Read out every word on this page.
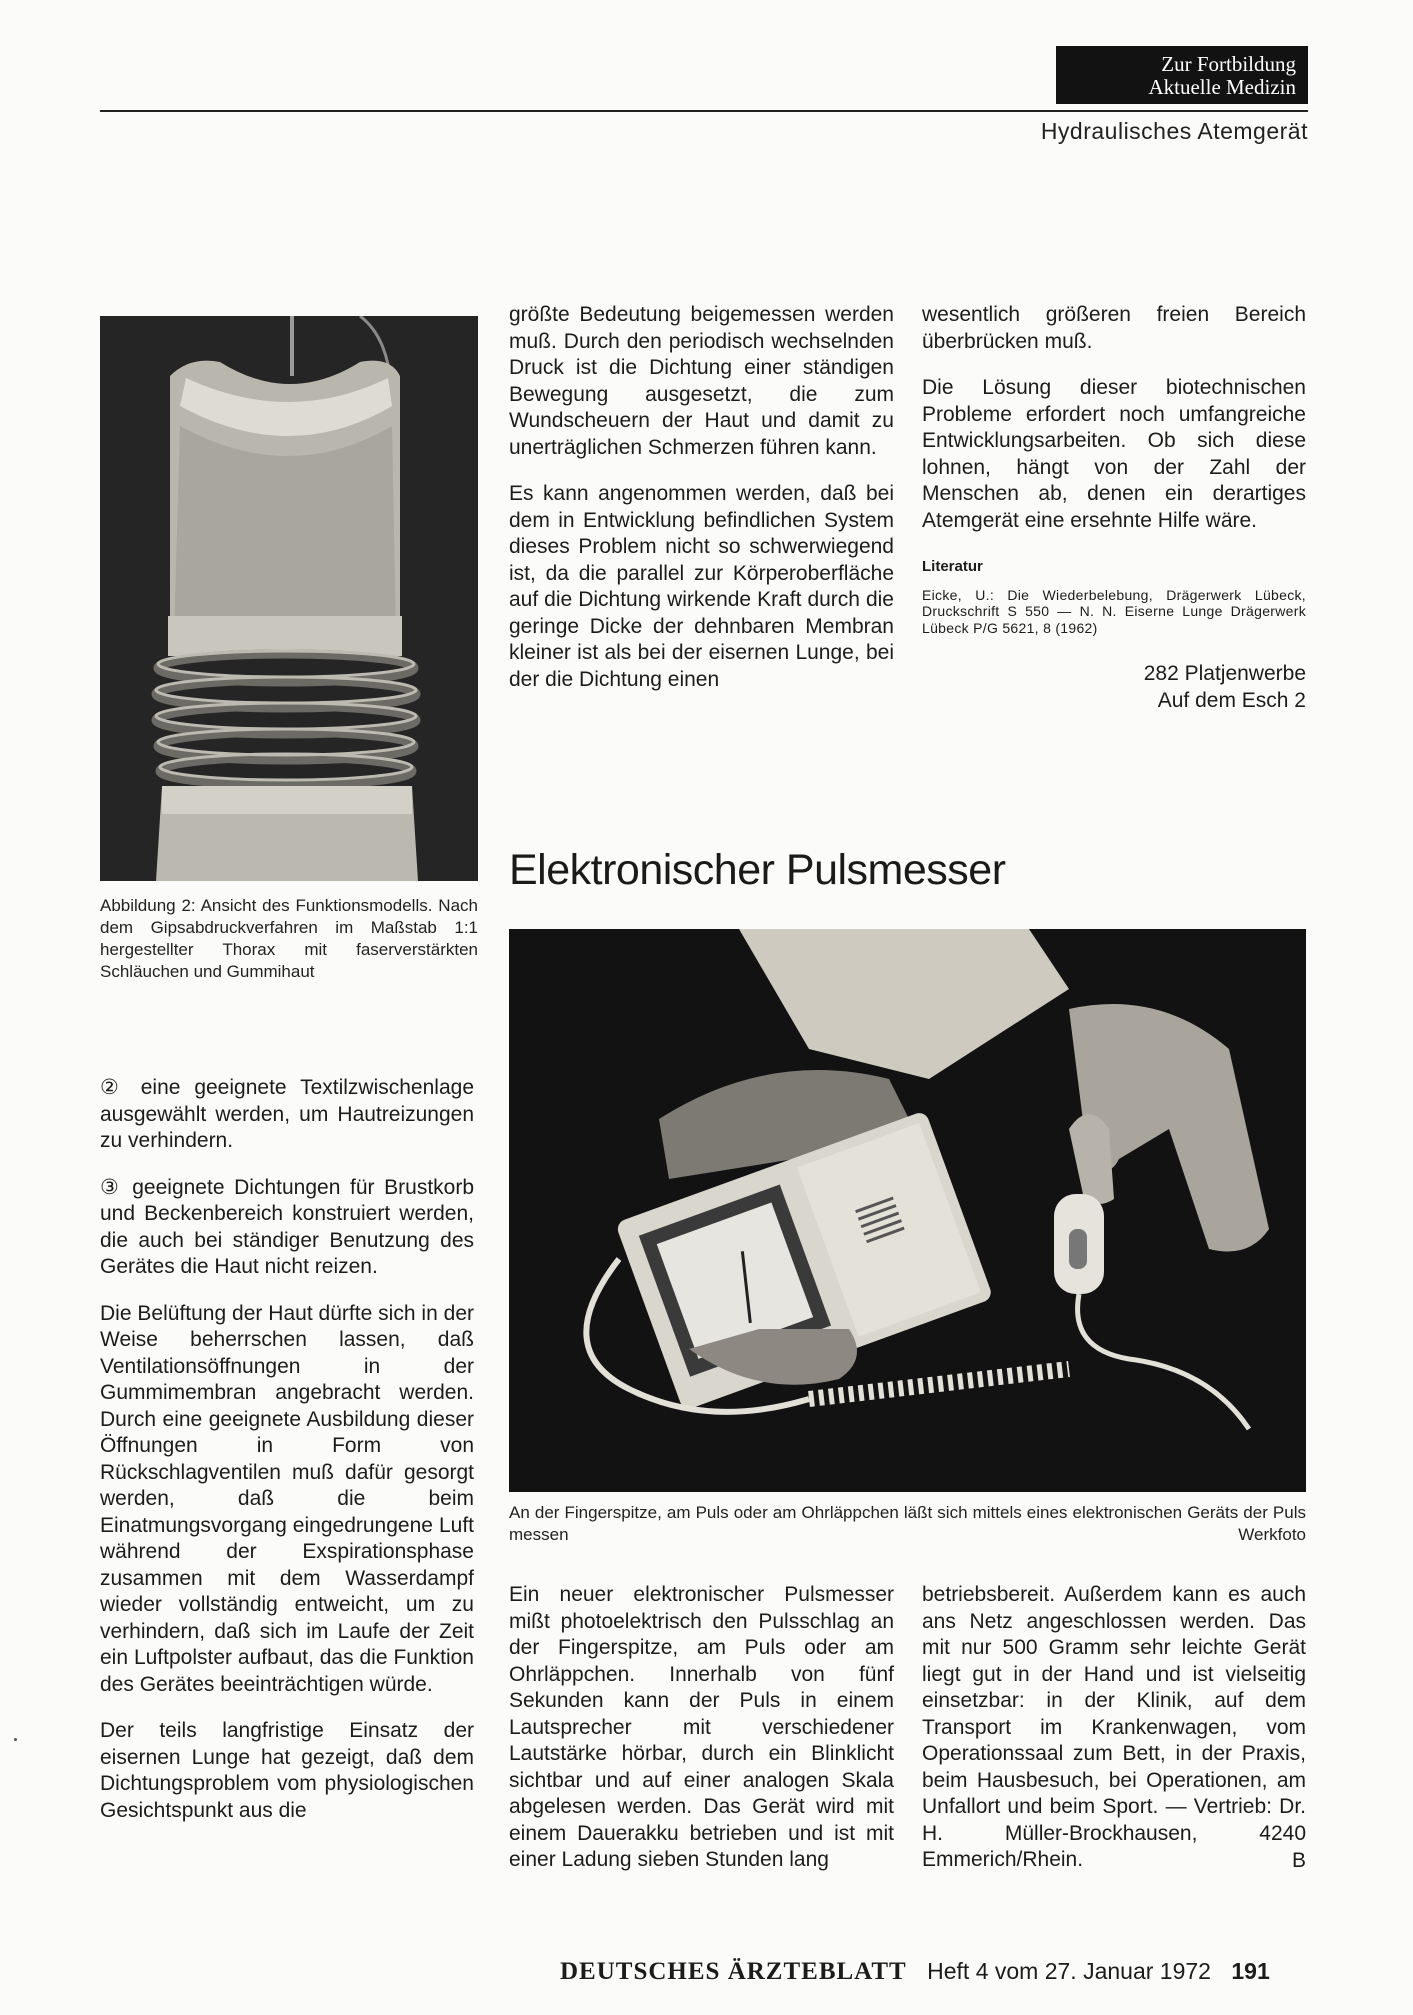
Zur Fortbildung
Aktuelle Medizin
Hydraulisches Atemgerät
Abbildung 2: Ansicht des Funktionsmodells. Nach dem Gipsabdruckverfahren im Maßstab 1:1 hergestellter Thorax mit faserverstärkten Schläuchen und Gummihaut

② eine geeignete Textilzwischenlage ausgewählt werden, um Hautreizungen zu verhindern.

③ geeignete Dichtungen für Brustkorb und Beckenbereich konstruiert werden, die auch bei ständiger Benutzung des Gerätes die Haut nicht reizen.

Die Belüftung der Haut dürfte sich in der Weise beherrschen lassen, daß Ventilationsöffnungen in der Gummimembran angebracht werden. Durch eine geeignete Ausbildung dieser Öffnungen in Form von Rückschlagventilen muß dafür gesorgt werden, daß die beim Einatmungsvorgang eingedrungene Luft während der Exspirationsphase zusammen mit dem Wasserdampf wieder vollständig entweicht, um zu verhindern, daß sich im Laufe der Zeit ein Luftpolster aufbaut, das die Funktion des Gerätes beeinträchtigen würde.

Der teils langfristige Einsatz der eisernen Lunge hat gezeigt, daß dem Dichtungsproblem vom physiologischen Gesichtspunkt aus die

größte Bedeutung beigemessen werden muß. Durch den periodisch wechselnden Druck ist die Dichtung einer ständigen Bewegung ausgesetzt, die zum Wundscheuern der Haut und damit zu unerträglichen Schmerzen führen kann.

Es kann angenommen werden, daß bei dem in Entwicklung befindlichen System dieses Problem nicht so schwerwiegend ist, da die parallel zur Körperoberfläche auf die Dichtung wirkende Kraft durch die geringe Dicke der dehnbaren Membran kleiner ist als bei der eisernen Lunge, bei der die Dichtung einen

wesentlich größeren freien Bereich überbrücken muß.

Die Lösung dieser biotechnischen Probleme erfordert noch umfangreiche Entwicklungsarbeiten. Ob sich diese lohnen, hängt von der Zahl der Menschen ab, denen ein derartiges Atemgerät eine ersehnte Hilfe wäre.

Literatur
Eicke, U.: Die Wiederbelebung, Drägerwerk Lübeck, Druckschrift S 550 — N. N. Eiserne Lunge Drägerwerk Lübeck P/G 5621, 8 (1962)
282 Platjenwerbe
Auf dem Esch 2
Elektronischer Pulsmesser
An der Fingerspitze, am Puls oder am Ohrläppchen läßt sich mittels eines elektronischen Geräts der Puls messen	Werkfoto

Ein neuer elektronischer Pulsmesser mißt photoelektrisch den Pulsschlag an der Fingerspitze, am Puls oder am Ohrläppchen. Innerhalb von fünf Sekunden kann der Puls in einem Lautsprecher mit verschiedener Lautstärke hörbar, durch ein Blinklicht sichtbar und auf einer analogen Skala abgelesen werden. Das Gerät wird mit einem Dauerakku betrieben und ist mit einer Ladung sieben Stunden lang

betriebsbereit. Außerdem kann es auch ans Netz angeschlossen werden. Das mit nur 500 Gramm sehr leichte Gerät liegt gut in der Hand und ist vielseitig einsetzbar: in der Klinik, auf dem Transport im Krankenwagen, vom Operationssaal zum Bett, in der Praxis, beim Hausbesuch, bei Operationen, am Unfallort und beim Sport. — Vertrieb: Dr. H. Müller-Brockhausen, 4240 Emmerich/Rhein.	B
DEUTSCHES ÄRZTEBLATT Heft 4 vom 27. Januar 1972 191
